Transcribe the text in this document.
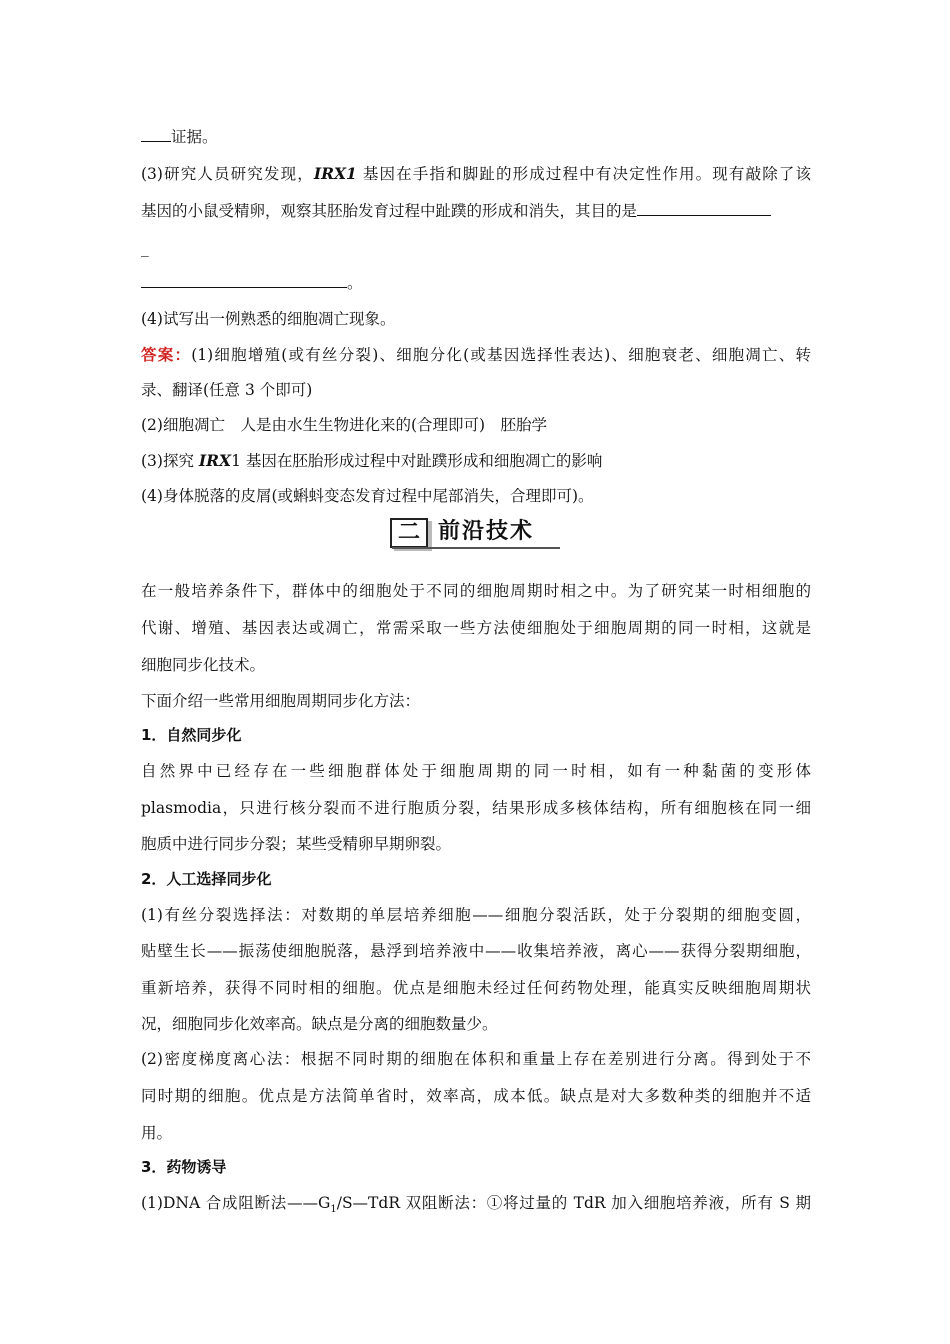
证据。
(3)研究人员研究发现，IRX1 基因在手指和脚趾的形成过程中有决定性作用。现有敲除了该
基因的小鼠受精卵，观察其胚胎发育过程中趾蹼的形成和消失，其目的是
_
。
(4)试写出一例熟悉的细胞凋亡现象。
答案：(1)细胞增殖(或有丝分裂)、细胞分化(或基因选择性表达)、细胞衰老、细胞凋亡、转
录、翻译(任意 3 个即可)
(2)细胞凋亡　人是由水生生物进化来的(合理即可)　胚胎学
(3)探究 IRX1 基因在胚胎形成过程中对趾蹼形成和细胞凋亡的影响
(4)身体脱落的皮屑(或蝌蚪变态发育过程中尾部消失，合理即可)。
二 前沿技术
在一般培养条件下，群体中的细胞处于不同的细胞周期时相之中。为了研究某一时相细胞的
代谢、增殖、基因表达或凋亡，常需采取一些方法使细胞处于细胞周期的同一时相，这就是
细胞同步化技术。
下面介绍一些常用细胞周期同步化方法：
1．自然同步化
自然界中已经存在一些细胞群体处于细胞周期的同一时相，如有一种黏菌的变形体
plasmodia，只进行核分裂而不进行胞质分裂，结果形成多核体结构，所有细胞核在同一细
胞质中进行同步分裂；某些受精卵早期卵裂。
2．人工选择同步化
(1)有丝分裂选择法：对数期的单层培养细胞——细胞分裂活跃，处于分裂期的细胞变圆，
贴壁生长——振荡使细胞脱落，悬浮到培养液中——收集培养液，离心——获得分裂期细胞，
重新培养，获得不同时相的细胞。优点是细胞未经过任何药物处理，能真实反映细胞周期状
况，细胞同步化效率高。缺点是分离的细胞数量少。
(2)密度梯度离心法：根据不同时期的细胞在体积和重量上存在差别进行分离。得到处于不
同时期的细胞。优点是方法简单省时，效率高，成本低。缺点是对大多数种类的细胞并不适
用。
3．药物诱导
(1)DNA 合成阻断法$——G_1/S—TdR$ 双阻断法：①将过量的 TdR 加入细胞培养液，所有 S 期
